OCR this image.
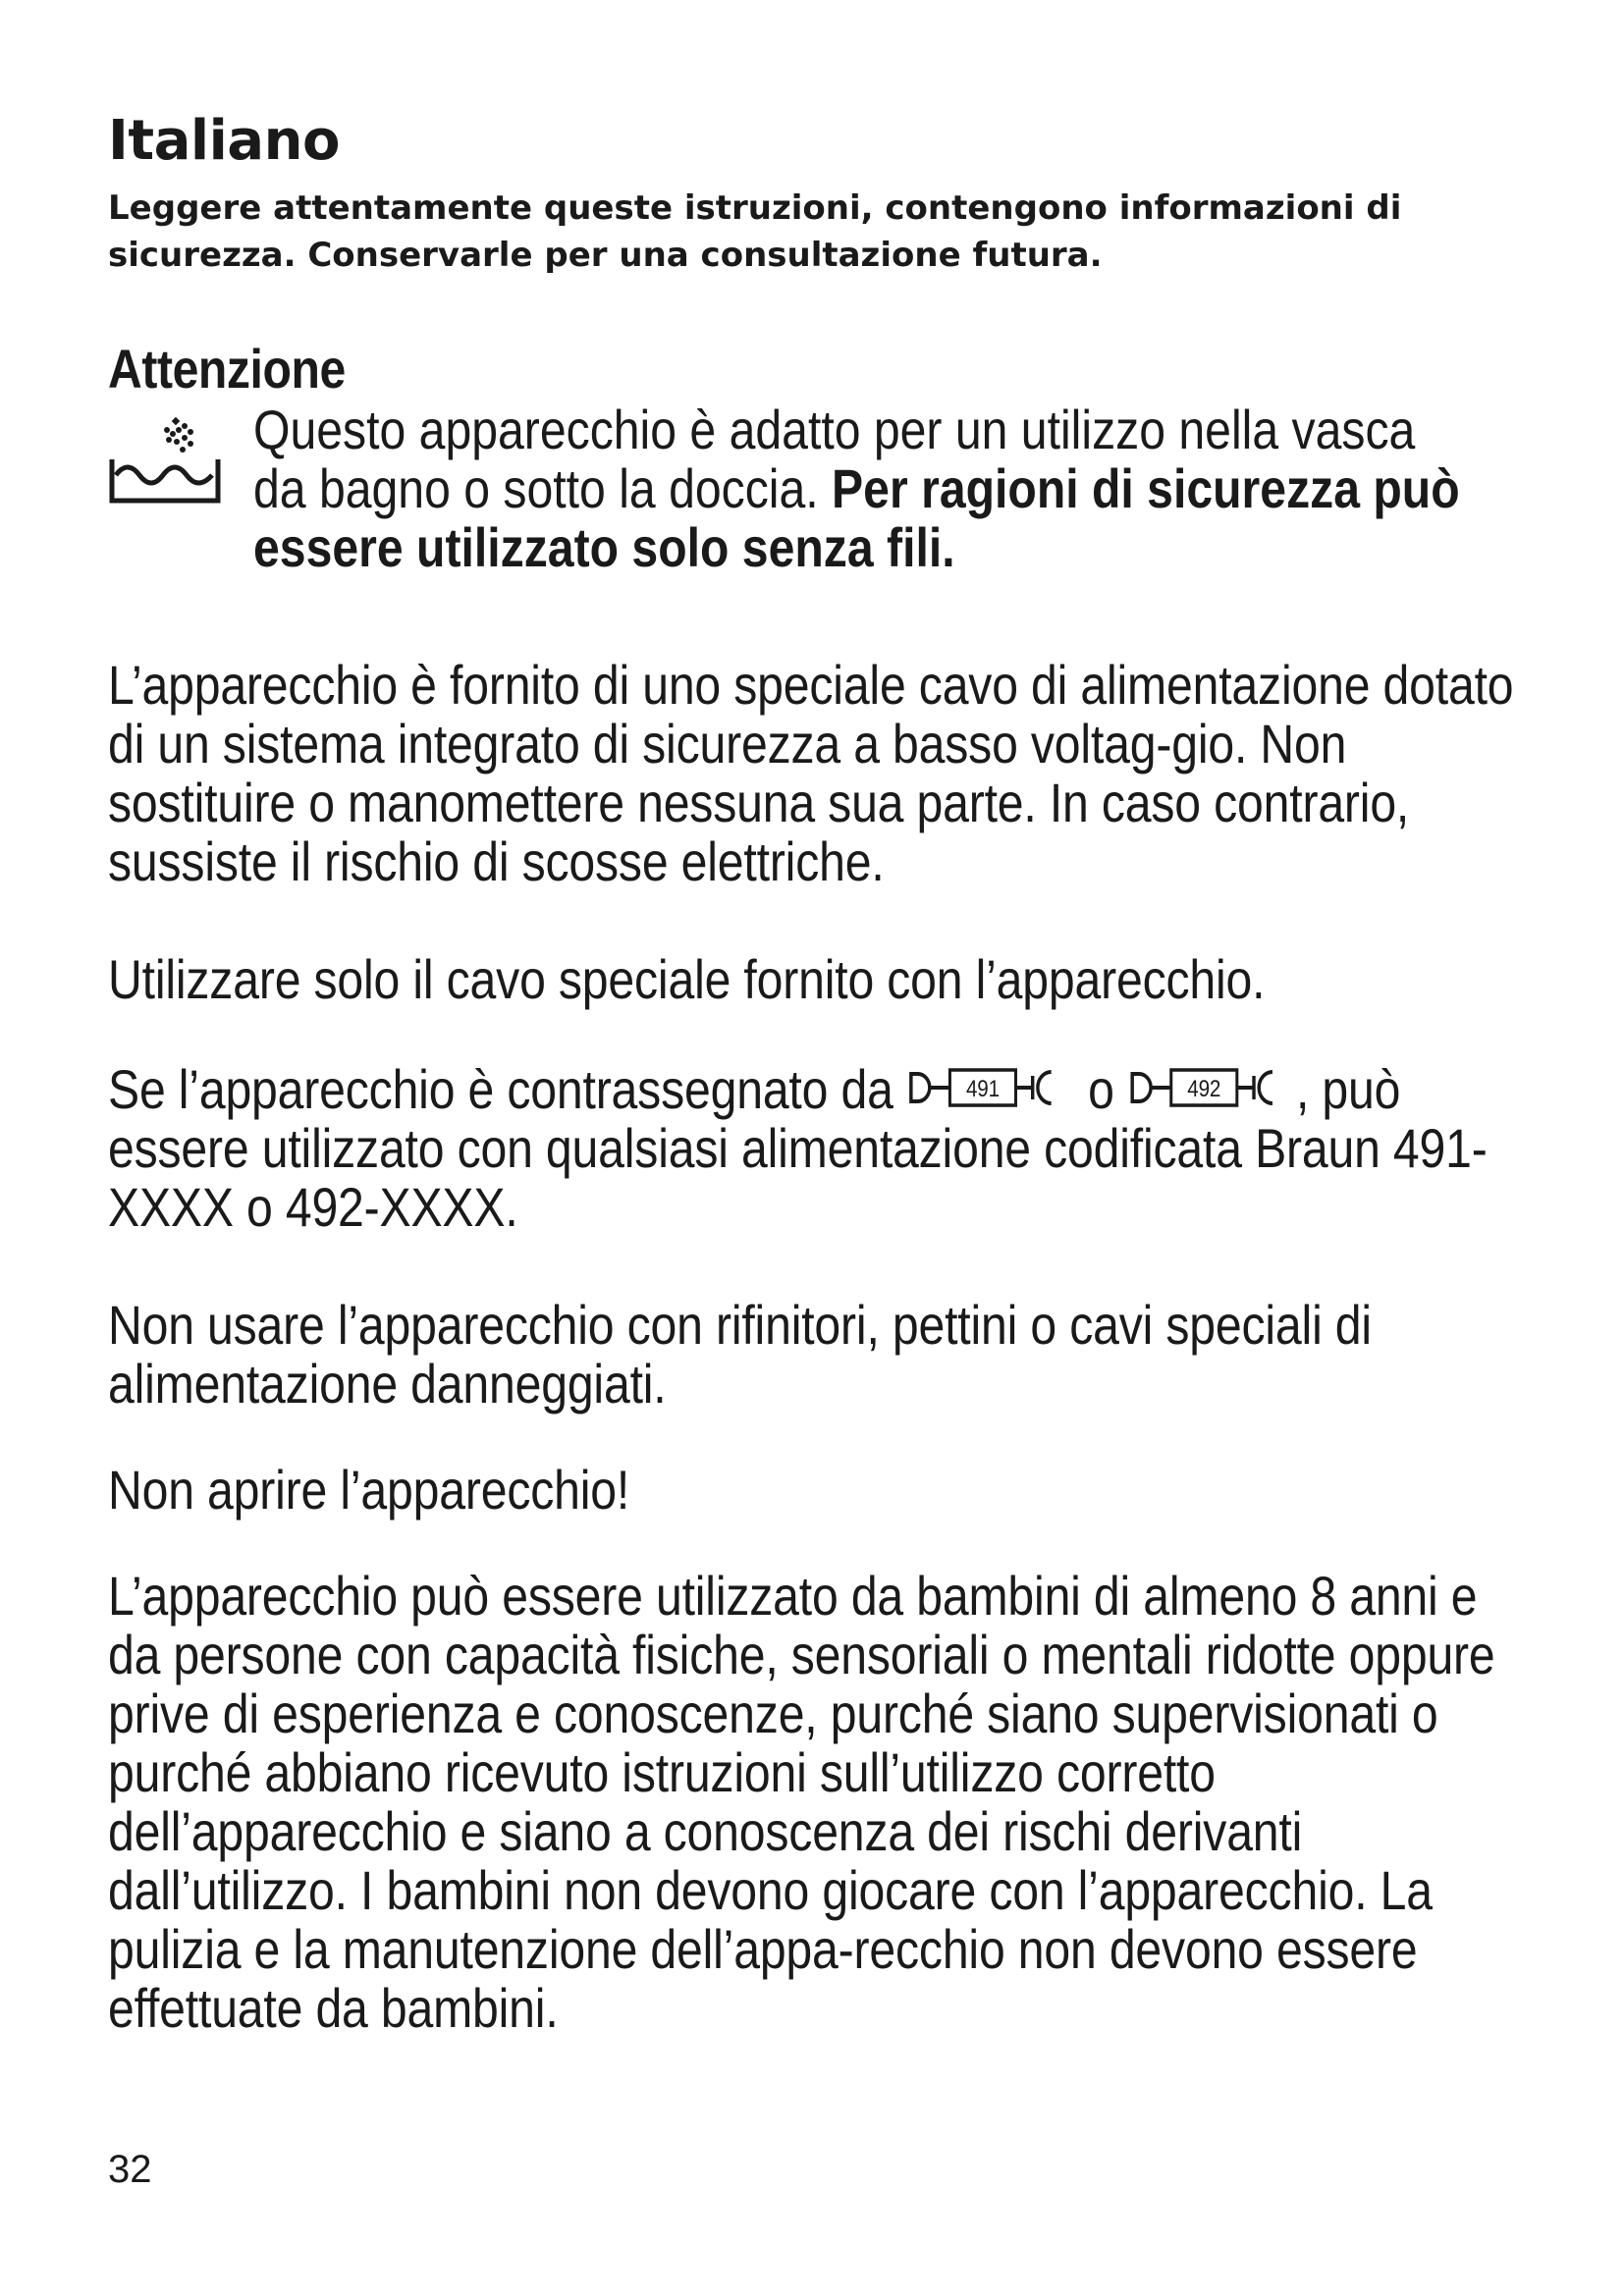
Italiano

Leggere attentamente queste istruzioni, contengono informazioni di sicurezza. Conservarle per una consultazione futura.

Attenzione

Questo apparecchio è adatto per un utilizzo nella vasca da bagno o sotto la doccia. Per ragioni di sicurezza può essere utilizzato solo senza fili.

L’apparecchio è fornito di uno speciale cavo di alimentazione dotato di un sistema integrato di sicurezza a basso voltag-gio. Non sostituire o manomettere nessuna sua parte. In caso contrario, sussiste il rischio di scosse elettriche.

Utilizzare solo il cavo speciale fornito con l’apparecchio.

Se l’apparecchio è contrassegnato da	491 o	492 , può essere utilizzato con qualsiasi alimentazione codificata Braun 491-XXXX o 492-XXXX.

Non usare l’apparecchio con rifinitori, pettini o cavi speciali di alimentazione danneggiati.

Non aprire l’apparecchio!

L’apparecchio può essere utilizzato da bambini di almeno 8 anni e da persone con capacità fisiche, sensoriali o mentali ridotte oppure prive di esperienza e conoscenze, purché siano supervisionati o purché abbiano ricevuto istruzioni sull’utilizzo corretto dell’apparecchio e siano a conoscenza dei rischi derivanti dall’utilizzo. I bambini non devono giocare con l’apparecchio. La pulizia e la manutenzione dell’appa-recchio non devono essere effettuate da bambini.

32
